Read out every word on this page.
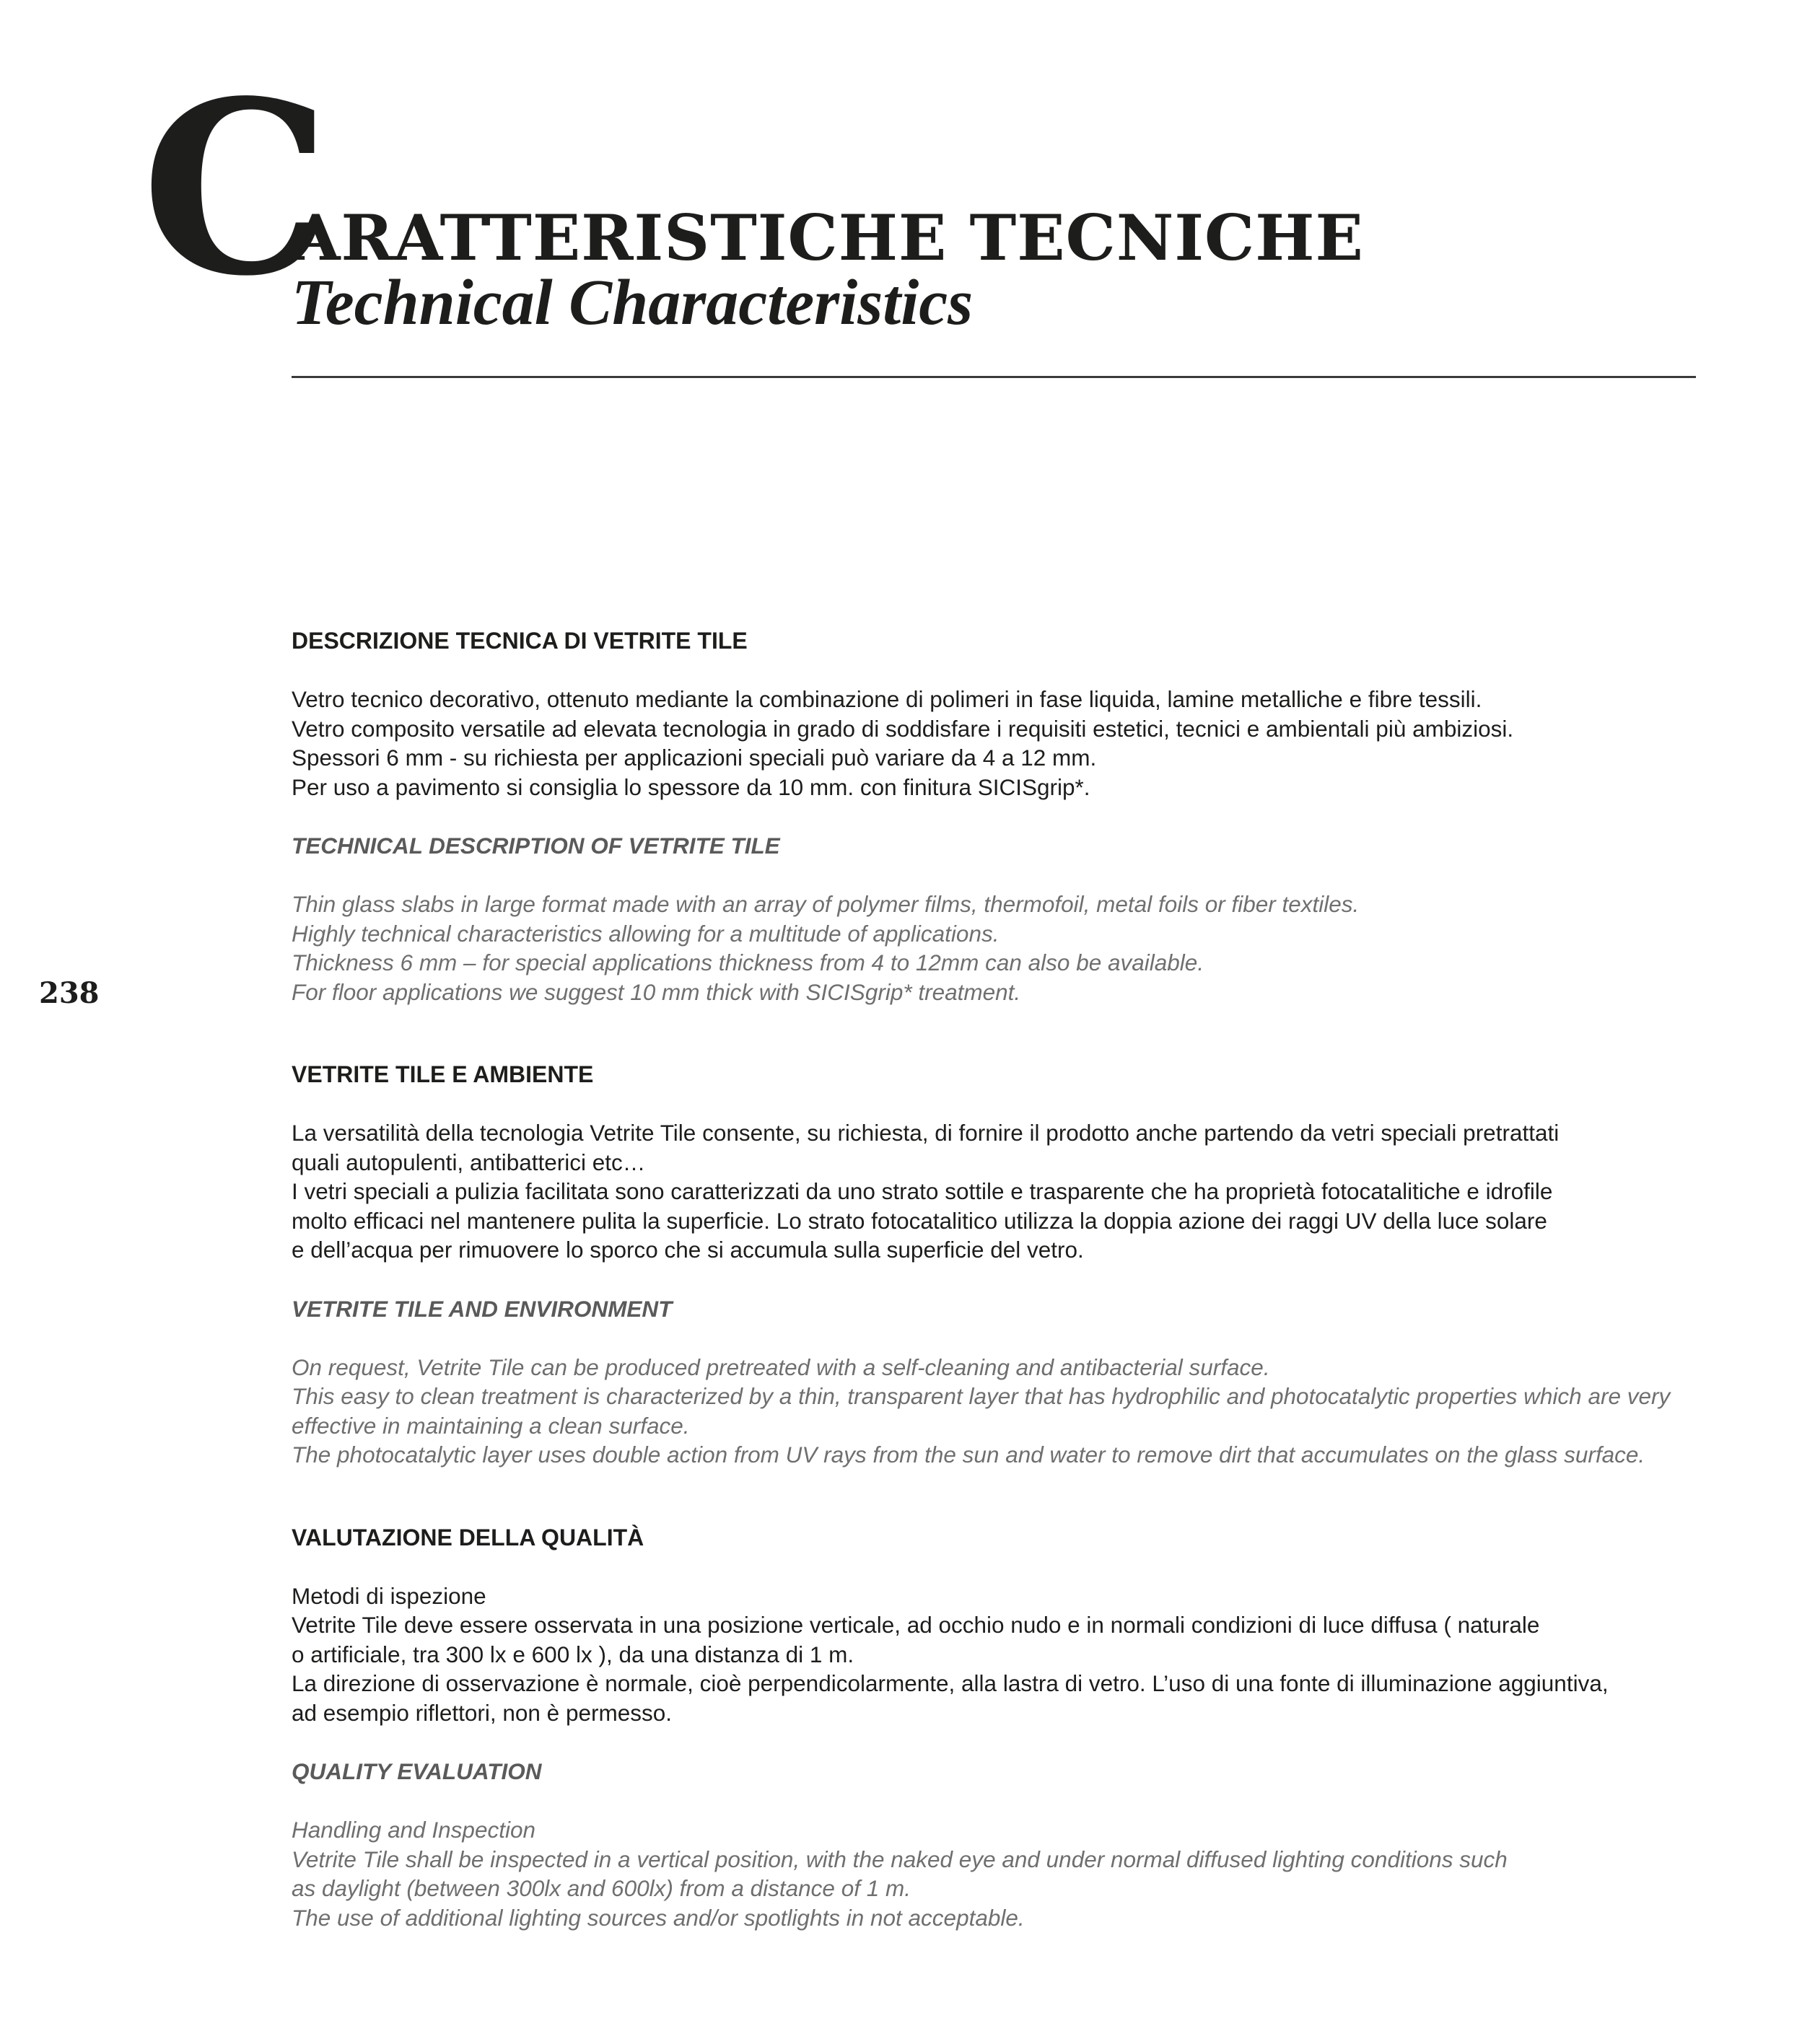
C
ARATTERISTICHE TECNICHE
Technical Characteristics
238
DESCRIZIONE TECNICA DI VETRITE TILE
Vetro tecnico decorativo, ottenuto mediante la combinazione di polimeri in fase liquida, lamine metalliche e fibre tessili.
Vetro composito versatile ad elevata tecnologia in grado di soddisfare i requisiti estetici, tecnici e ambientali più ambiziosi.
Spessori 6 mm - su richiesta per applicazioni speciali può variare da 4 a 12 mm.
Per uso a pavimento si consiglia lo spessore da 10 mm. con finitura SICISgrip*.
TECHNICAL DESCRIPTION OF VETRITE TILE
Thin glass slabs in large format made with an array of polymer films, thermofoil, metal foils or fiber textiles.
Highly technical characteristics allowing for a multitude of applications.
Thickness 6 mm – for special applications thickness from 4 to 12mm can also be available.
For floor applications we suggest 10 mm thick with SICISgrip* treatment.
VETRITE TILE E AMBIENTE
La versatilità della tecnologia Vetrite Tile consente, su richiesta, di fornire il prodotto anche partendo da vetri speciali pretrattati
quali autopulenti, antibatterici etc…
I vetri speciali a pulizia facilitata sono caratterizzati da uno strato sottile e trasparente che ha proprietà fotocatalitiche e idrofile
molto efficaci nel mantenere pulita la superficie. Lo strato fotocatalitico utilizza la doppia azione dei raggi UV della luce solare
e dell’acqua per rimuovere lo sporco che si accumula sulla superficie del vetro.
VETRITE TILE AND ENVIRONMENT
On request, Vetrite Tile can be produced pretreated with a self-cleaning and antibacterial surface.
This easy to clean treatment is characterized by a thin, transparent layer that has hydrophilic and photocatalytic properties which are very
effective in maintaining a clean surface.
The photocatalytic layer uses double action from UV rays from the sun and water to remove dirt that accumulates on the glass surface.
VALUTAZIONE DELLA QUALITÀ
Metodi di ispezione
Vetrite Tile deve essere osservata in una posizione verticale, ad occhio nudo e in normali condizioni di luce diffusa ( naturale
o artificiale, tra 300 lx e 600 lx ), da una distanza di 1 m.
La direzione di osservazione è normale, cioè perpendicolarmente, alla lastra di vetro. L’uso di una fonte di illuminazione aggiuntiva,
ad esempio riflettori, non è permesso.
QUALITY EVALUATION
Handling and Inspection
Vetrite Tile shall be inspected in a vertical position, with the naked eye and under normal diffused lighting conditions such
as daylight (between 300lx and 600lx) from a distance of 1 m.
The use of additional lighting sources and/or spotlights in not acceptable.
